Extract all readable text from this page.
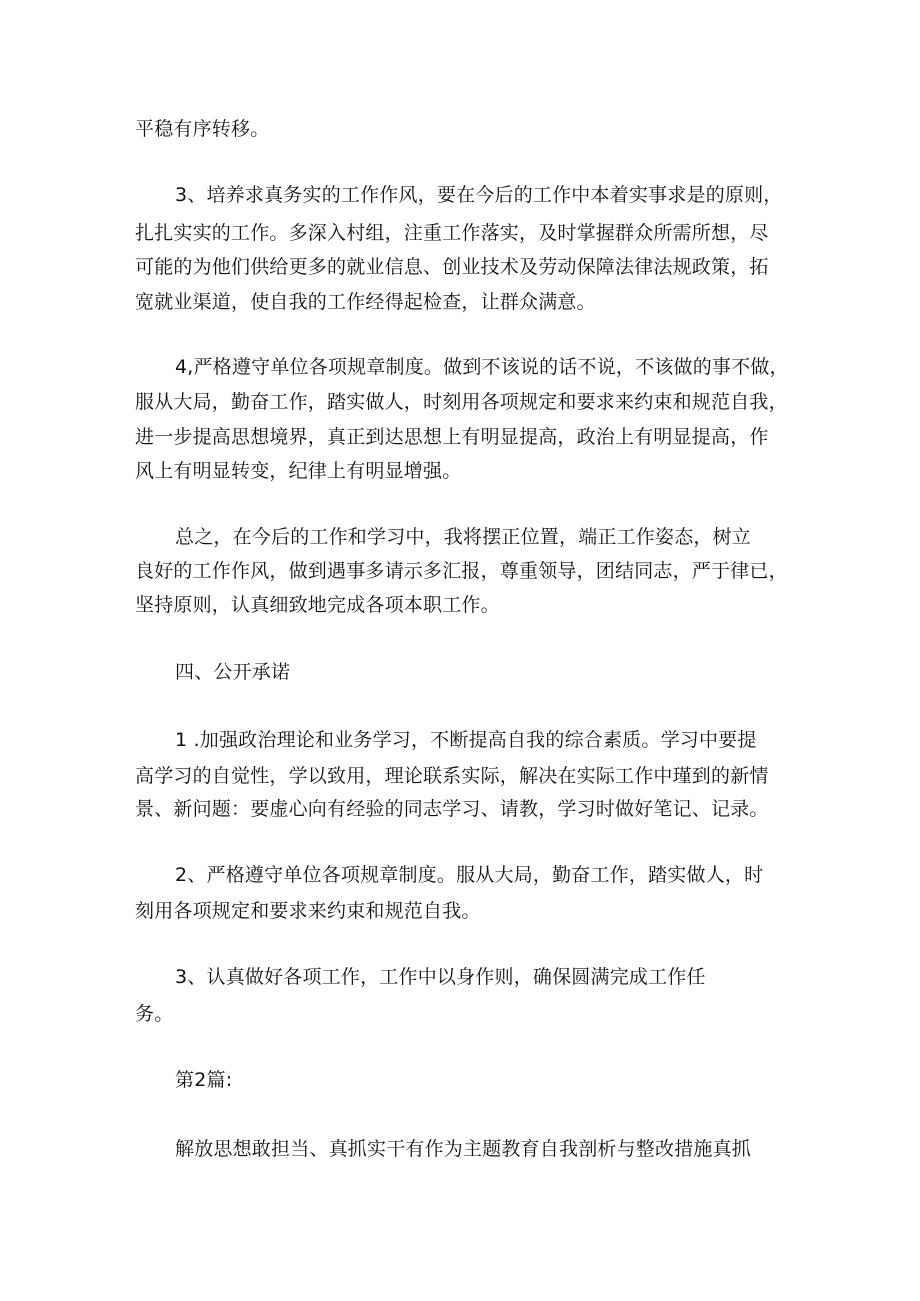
平稳有序转移。

3、培养求真务实的工作作风，要在今后的工作中本着实事求是的原则，

扎扎实实的工作。多深入村组，注重工作落实，及时掌握群众所需所想，尽

可能的为他们供给更多的就业信息、创业技术及劳动保障法律法规政策，拓

宽就业渠道，使自我的工作经得起检查，让群众满意。

4,严格遵守单位各项规章制度。做到不该说的话不说，不该做的事不做，

服从大局，勤奋工作，踏实做人，时刻用各项规定和要求来约束和规范自我，

进一步提高思想境界，真正到达思想上有明显提高，政治上有明显提高，作

风上有明显转变，纪律上有明显增强。

总之，在今后的工作和学习中，我将摆正位置，端正工作姿态，树立

良好的工作作风，做到遇事多请示多汇报，尊重领导，团结同志，严于律已，

坚持原则，认真细致地完成各项本职工作。

四、公开承诺

1 .加强政治理论和业务学习，不断提高自我的综合素质。学习中要提

高学习的自觉性，学以致用，理论联系实际，解决在实际工作中瑾到的新情

景、新问题：要虚心向有经验的同志学习、请教，学习时做好笔记、记录。

2、严格遵守单位各项规章制度。服从大局，勤奋工作，踏实做人，时

刻用各项规定和要求来约束和规范自我。

3、认真做好各项工作，工作中以身作则，确保圆满完成工作任

务。

第2篇:

解放思想敢担当、真抓实干有作为主题教育自我剖析与整改措施真抓
